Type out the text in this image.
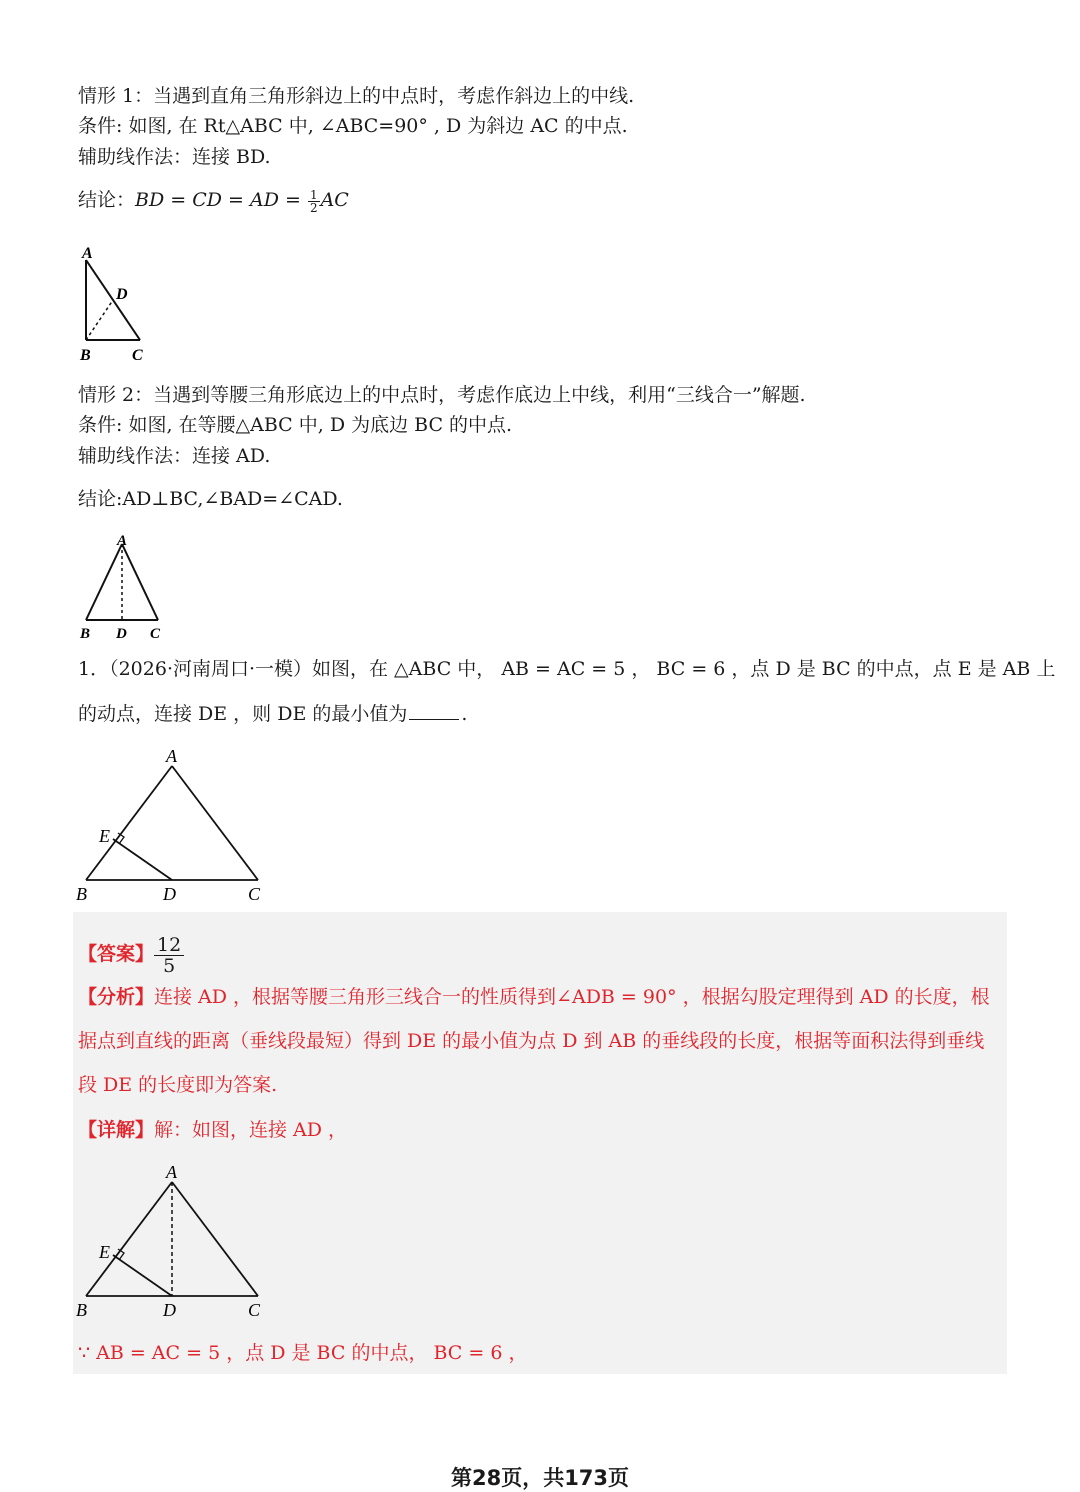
情形 1：当遇到直角三角形斜边上的中点时，考虑作斜边上的中线.
条件: 如图, 在 Rt△ABC 中, ∠ABC=90° , D 为斜边 AC 的中点.
辅助线作法：连接 BD.
结论：BD = CD = AD = $\frac{1}{2}$ AC
A
D
B	C
情形 2：当遇到等腰三角形底边上的中点时，考虑作底边上中线，利用“三线合一”解题.
条件: 如图, 在等腰△ABC 中, D 为底边 BC 的中点.
辅助线作法：连接 AD.
结论:AD⊥BC,∠BAD=∠CAD.
A
B D C
1．（2026·河南周口·一模）如图，在 △ABC 中， AB = AC = 5 ， BC = 6 ，点 D 是 BC 的中点，点 E 是 AB 上
的动点，连接 DE ，则 DE 的最小值为	.
A
E
B	D	C
【答案】 $\frac{12}{5}$
【分析】连接 AD ，根据等腰三角形三线合一的性质得到∠ADB = 90° ，根据勾股定理得到 AD 的长度，根
据点到直线的距离（垂线段最短）得到 DE 的最小值为点 D 到 AB 的垂线段的长度，根据等面积法得到垂线
段 DE 的长度即为答案.
【详解】解：如图，连接 AD ，
A
E
B	D	C
∵ AB = AC = 5 ，点 D 是 BC 的中点， BC = 6 ，
第28页，共173页
